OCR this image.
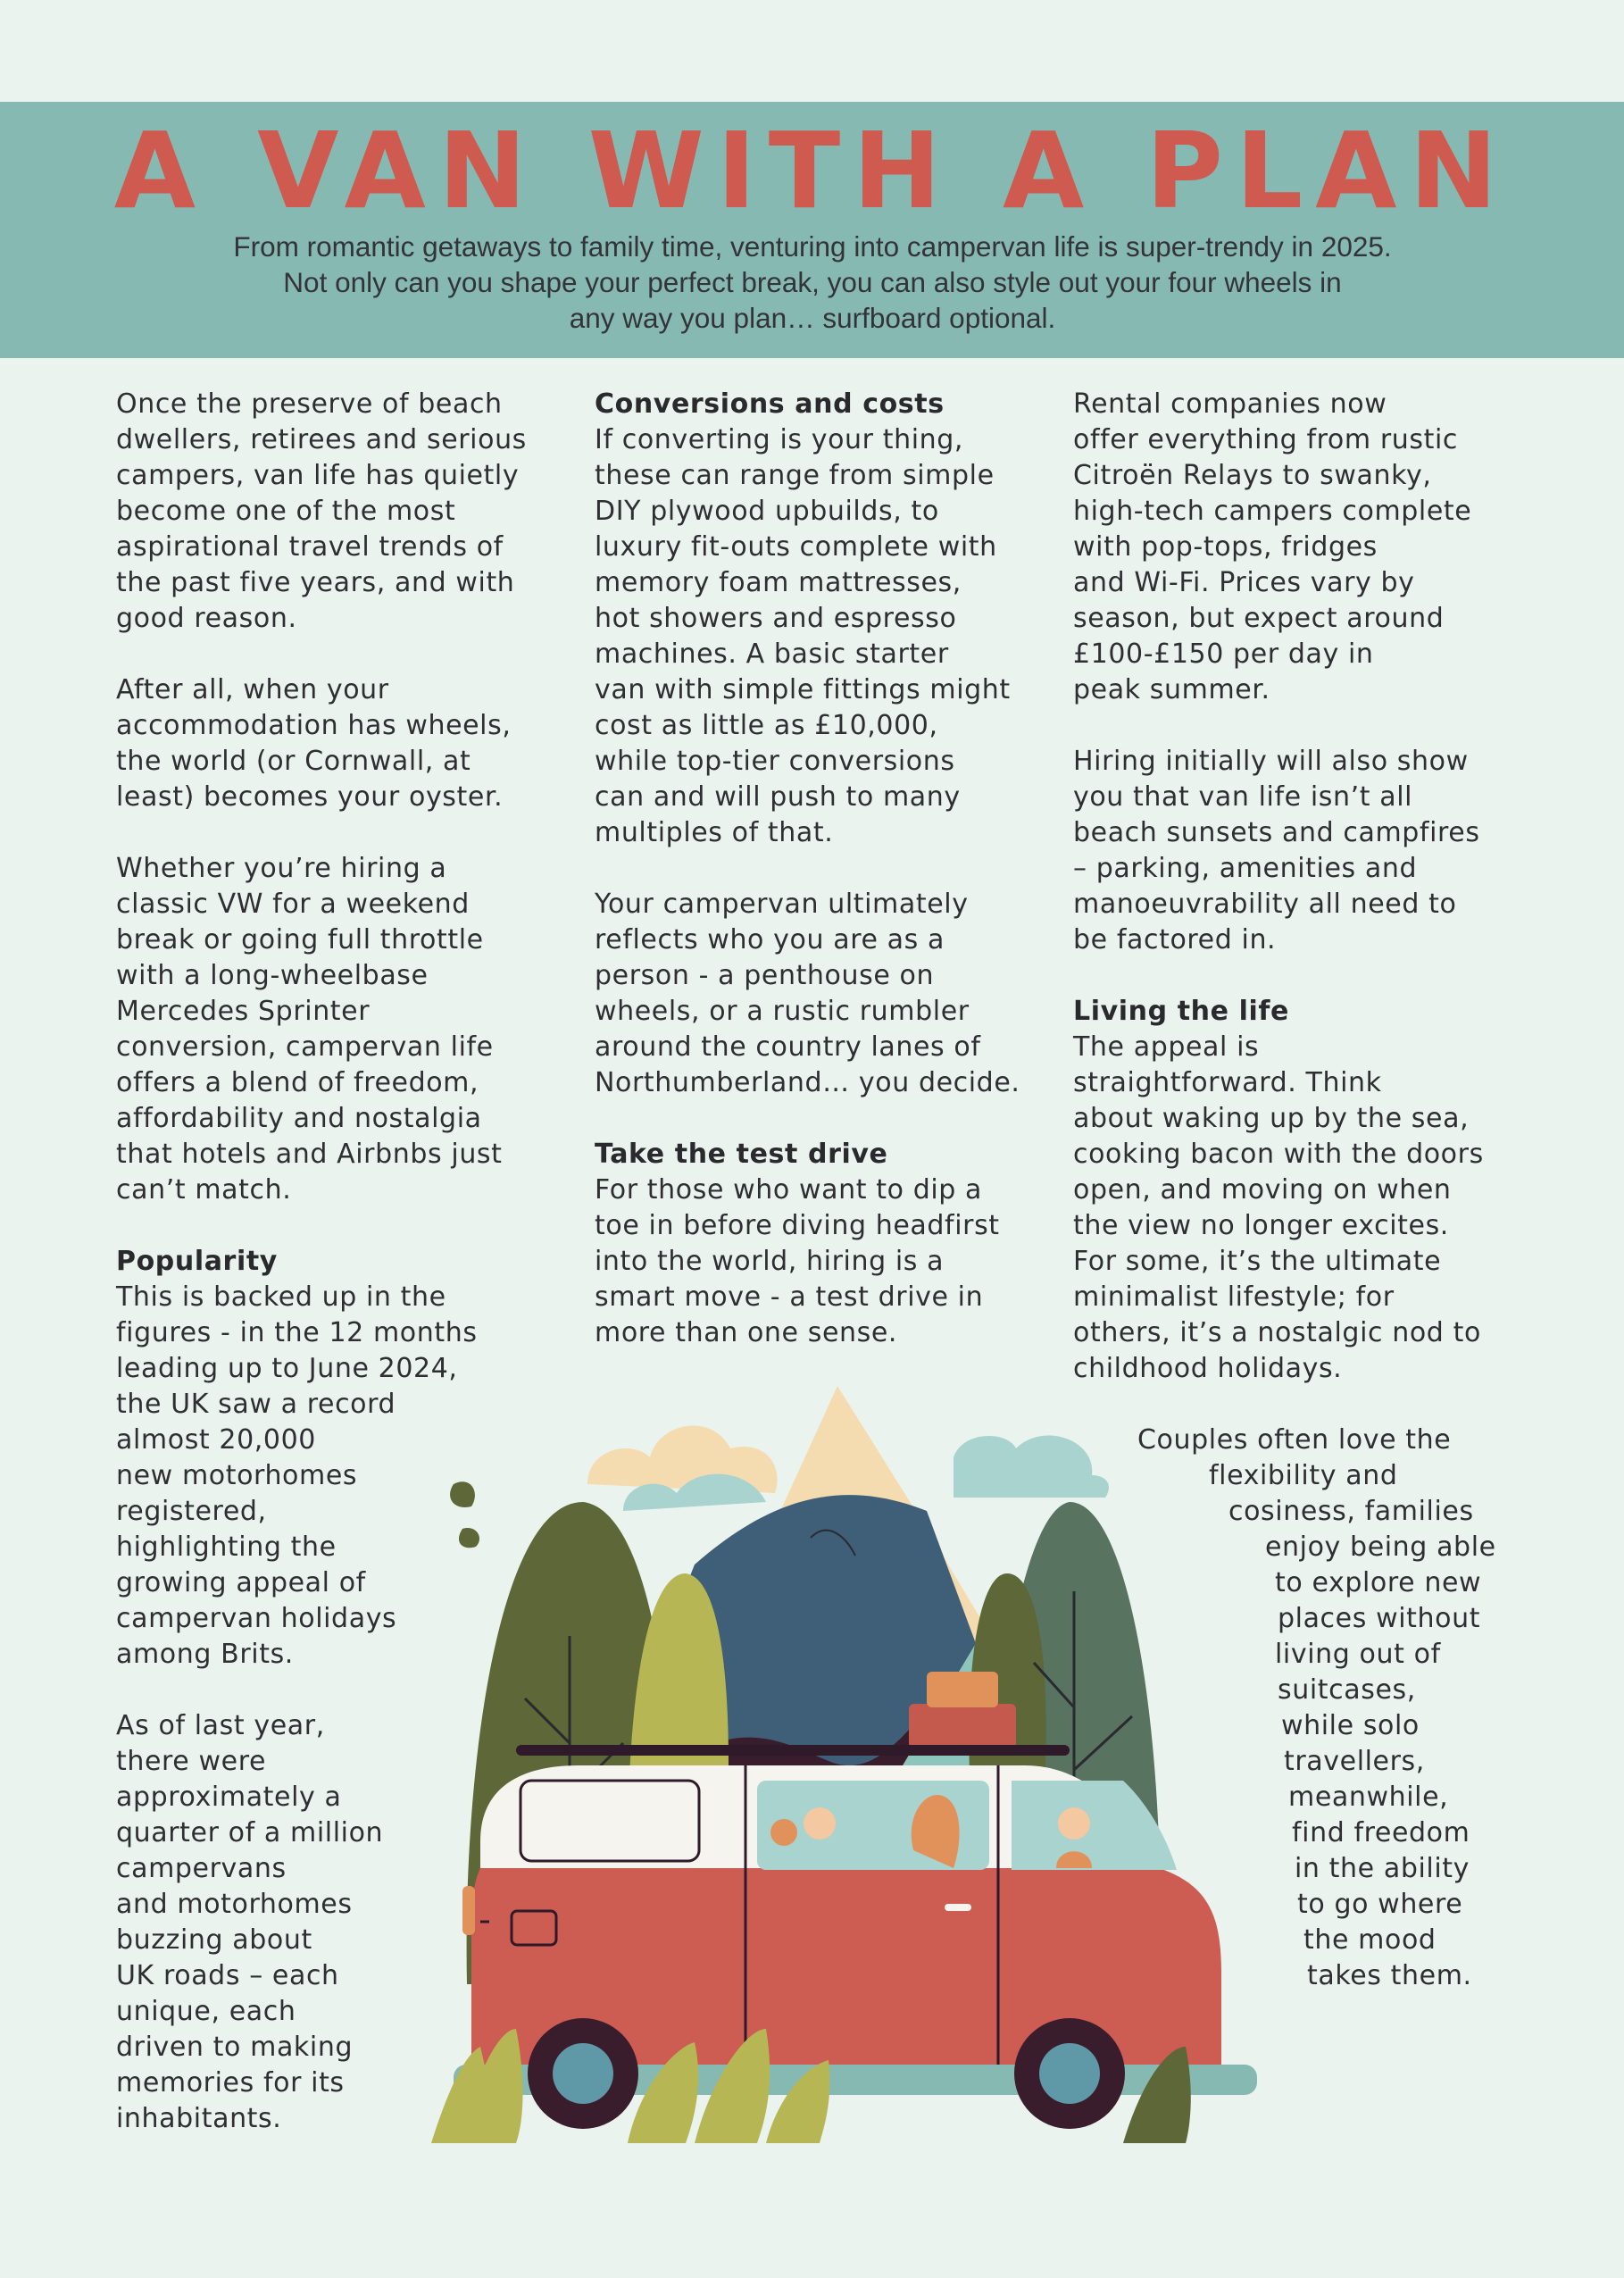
A VAN WITH A PLAN
From romantic getaways to family time, venturing into campervan life is super-trendy in 2025.
Not only can you shape your perfect break, you can also style out your four wheels in
any way you plan… surfboard optional.

Once the preserve of beach
dwellers, retirees and serious
campers, van life has quietly
become one of the most
aspirational travel trends of
the past five years, and with
good reason.

After all, when your
accommodation has wheels,
the world (or Cornwall, at
least) becomes your oyster.

Whether you’re hiring a
classic VW for a weekend
break or going full throttle
with a long-wheelbase
Mercedes Sprinter
conversion, campervan life
offers a blend of freedom,
affordability and nostalgia
that hotels and Airbnbs just
can’t match.

Popularity

This is backed up in the
figures - in the 12 months
leading up to June 2024,
the UK saw a record
almost 20,000
new motorhomes
registered,
highlighting the
growing appeal of
campervan holidays
among Brits.

As of last year,
there were
approximately a
quarter of a million
campervans
and motorhomes
buzzing about
UK roads – each
unique, each
driven to making
memories for its
inhabitants.

Conversions and costs

If converting is your thing,
these can range from simple
DIY plywood upbuilds, to
luxury fit-outs complete with
memory foam mattresses,
hot showers and espresso
machines. A basic starter
van with simple fittings might
cost as little as £10,000,
while top-tier conversions
can and will push to many
multiples of that.

Your campervan ultimately
reflects who you are as a
person - a penthouse on
wheels, or a rustic rumbler
around the country lanes of
Northumberland… you decide.

Take the test drive

For those who want to dip a
toe in before diving headfirst
into the world, hiring is a
smart move - a test drive in
more than one sense.

Rental companies now
offer everything from rustic
Citroën Relays to swanky,
high-tech campers complete
with pop-tops, fridges
and Wi-Fi. Prices vary by
season, but expect around
£100-£150 per day in
peak summer.

Hiring initially will also show
you that van life isn’t all
beach sunsets and campfires
– parking, amenities and
manoeuvrability all need to
be factored in.

Living the life

The appeal is
straightforward. Think
about waking up by the sea,
cooking bacon with the doors
open, and moving on when
the view no longer excites.
For some, it’s the ultimate
minimalist lifestyle; for
others, it’s a nostalgic nod to
childhood holidays.

Couples often love the
flexibility and
cosiness, families
enjoy being able
to explore new
places without
living out of
suitcases,
while solo
travellers,
meanwhile,
find freedom
in the ability
to go where
the mood
takes them.
